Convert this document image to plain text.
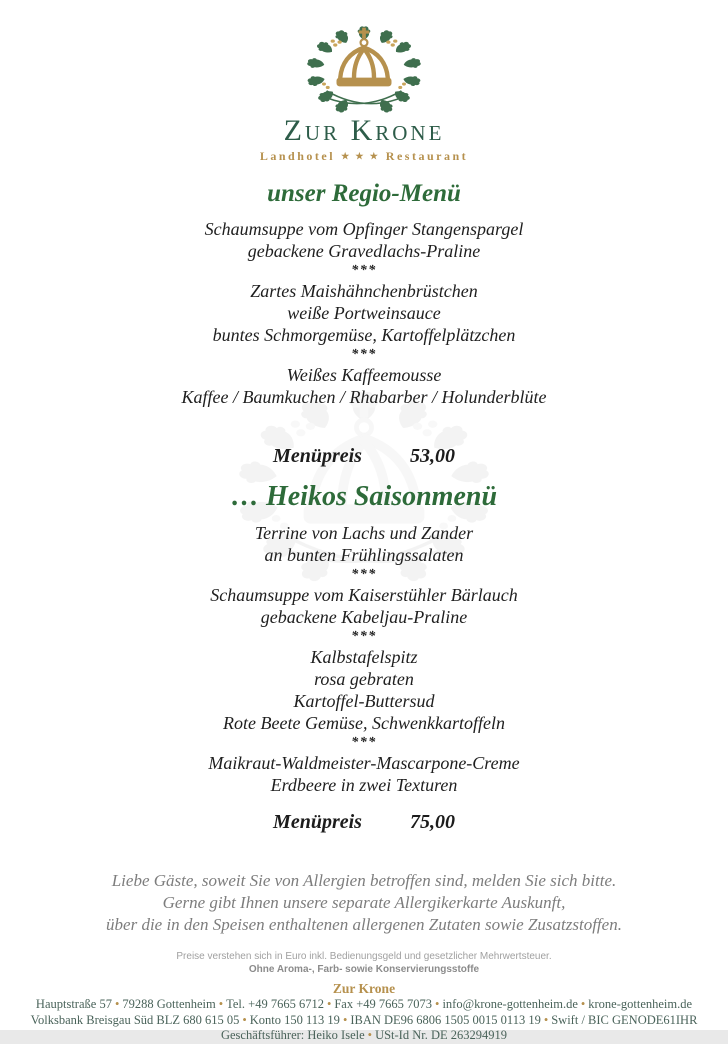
Zur Krone
Landhotel ★ ★ ★ Restaurant
unser Regio-Menü
Schaumsuppe vom Opfinger Stangenspargel
gebackene Gravedlachs-Praline
***
Zartes Maishähnchenbrüstchen
weiße Portweinsauce
buntes Schmorgemüse, Kartoffelplätzchen
***
Weißes Kaffeemousse
Kaffee / Baumkuchen / Rhabarber / Holunderblüte
Menüpreis 53,00
… Heikos Saisonmenü
Terrine von Lachs und Zander
an bunten Frühlingssalaten
***
Schaumsuppe vom Kaiserstühler Bärlauch
gebackene Kabeljau-Praline
***
Kalbstafelspitz
rosa gebraten
Kartoffel-Buttersud
Rote Beete Gemüse, Schwenkkartoffeln
***
Maikraut-Waldmeister-Mascarpone-Creme
Erdbeere in zwei Texturen
Menüpreis 75,00
Liebe Gäste, soweit Sie von Allergien betroffen sind, melden Sie sich bitte.
Gerne gibt Ihnen unsere separate Allergikerkarte Auskunft,
über die in den Speisen enthaltenen allergenen Zutaten sowie Zusatzstoffen.
Preise verstehen sich in Euro inkl. Bedienungsgeld und gesetzlicher Mehrwertsteuer.
Ohne Aroma-, Farb- sowie Konservierungsstoffe
Zur Krone
Hauptstraße 57 • 79288 Gottenheim • Tel. +49 7665 6712 • Fax +49 7665 7073 • info@krone-gottenheim.de • krone-gottenheim.de
Volksbank Breisgau Süd BLZ 680 615 05 • Konto 150 113 19 • IBAN DE96 6806 1505 0015 0113 19 • Swift / BIC GENODE61IHR
Geschäftsführer: Heiko Isele • USt-Id Nr. DE 263294919
